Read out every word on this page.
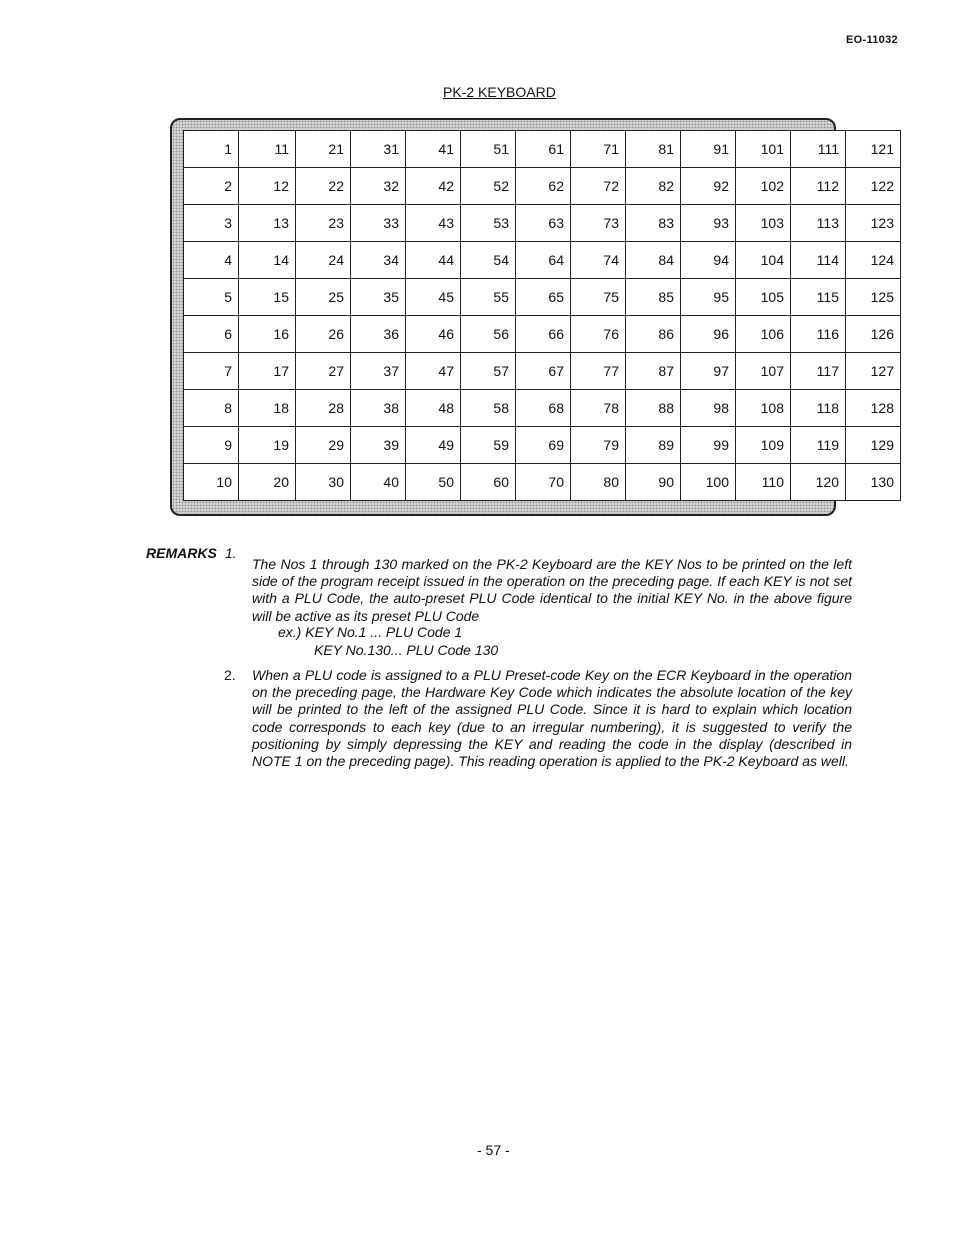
EO-11032
PK-2 KEYBOARD
1	11	21	31	41	51	61	71	81	91	101	111	121
2	12	22	32	42	52	62	72	82	92	102	112	122
3	13	23	33	43	53	63	73	83	93	103	113	123
4	14	24	34	44	54	64	74	84	94	104	114	124
5	15	25	35	45	55	65	75	85	95	105	115	125
6	16	26	36	46	56	66	76	86	96	106	116	126
7	17	27	37	47	57	67	77	87	97	107	117	127
8	18	28	38	48	58	68	78	88	98	108	118	128
9	19	29	39	49	59	69	79	89	99	109	119	129
10	20	30	40	50	60	70	80	90	100	110	120	130
REMARKS 1.
The Nos 1 through 130 marked on the PK-2 Keyboard are the KEY Nos to be printed on the left side of the program receipt issued in the operation on the preceding page. If each KEY is not set with a PLU Code, the auto-preset PLU Code identical to the initial KEY No. in the above figure will be active as its preset PLU Code
ex.) KEY No.1 ... PLU Code 1
KEY No.130... PLU Code 130
2. When a PLU code is assigned to a PLU Preset-code Key on the ECR Keyboard in the operation on the preceding page, the Hardware Key Code which indicates the absolute location of the key will be printed to the left of the assigned PLU Code. Since it is hard to explain which location code corresponds to each key (due to an irregular numbering), it is suggested to verify the positioning by simply depressing the KEY and reading the code in the display (described in NOTE 1 on the preceding page). This reading operation is applied to the PK-2 Keyboard as well.
- 57 -
